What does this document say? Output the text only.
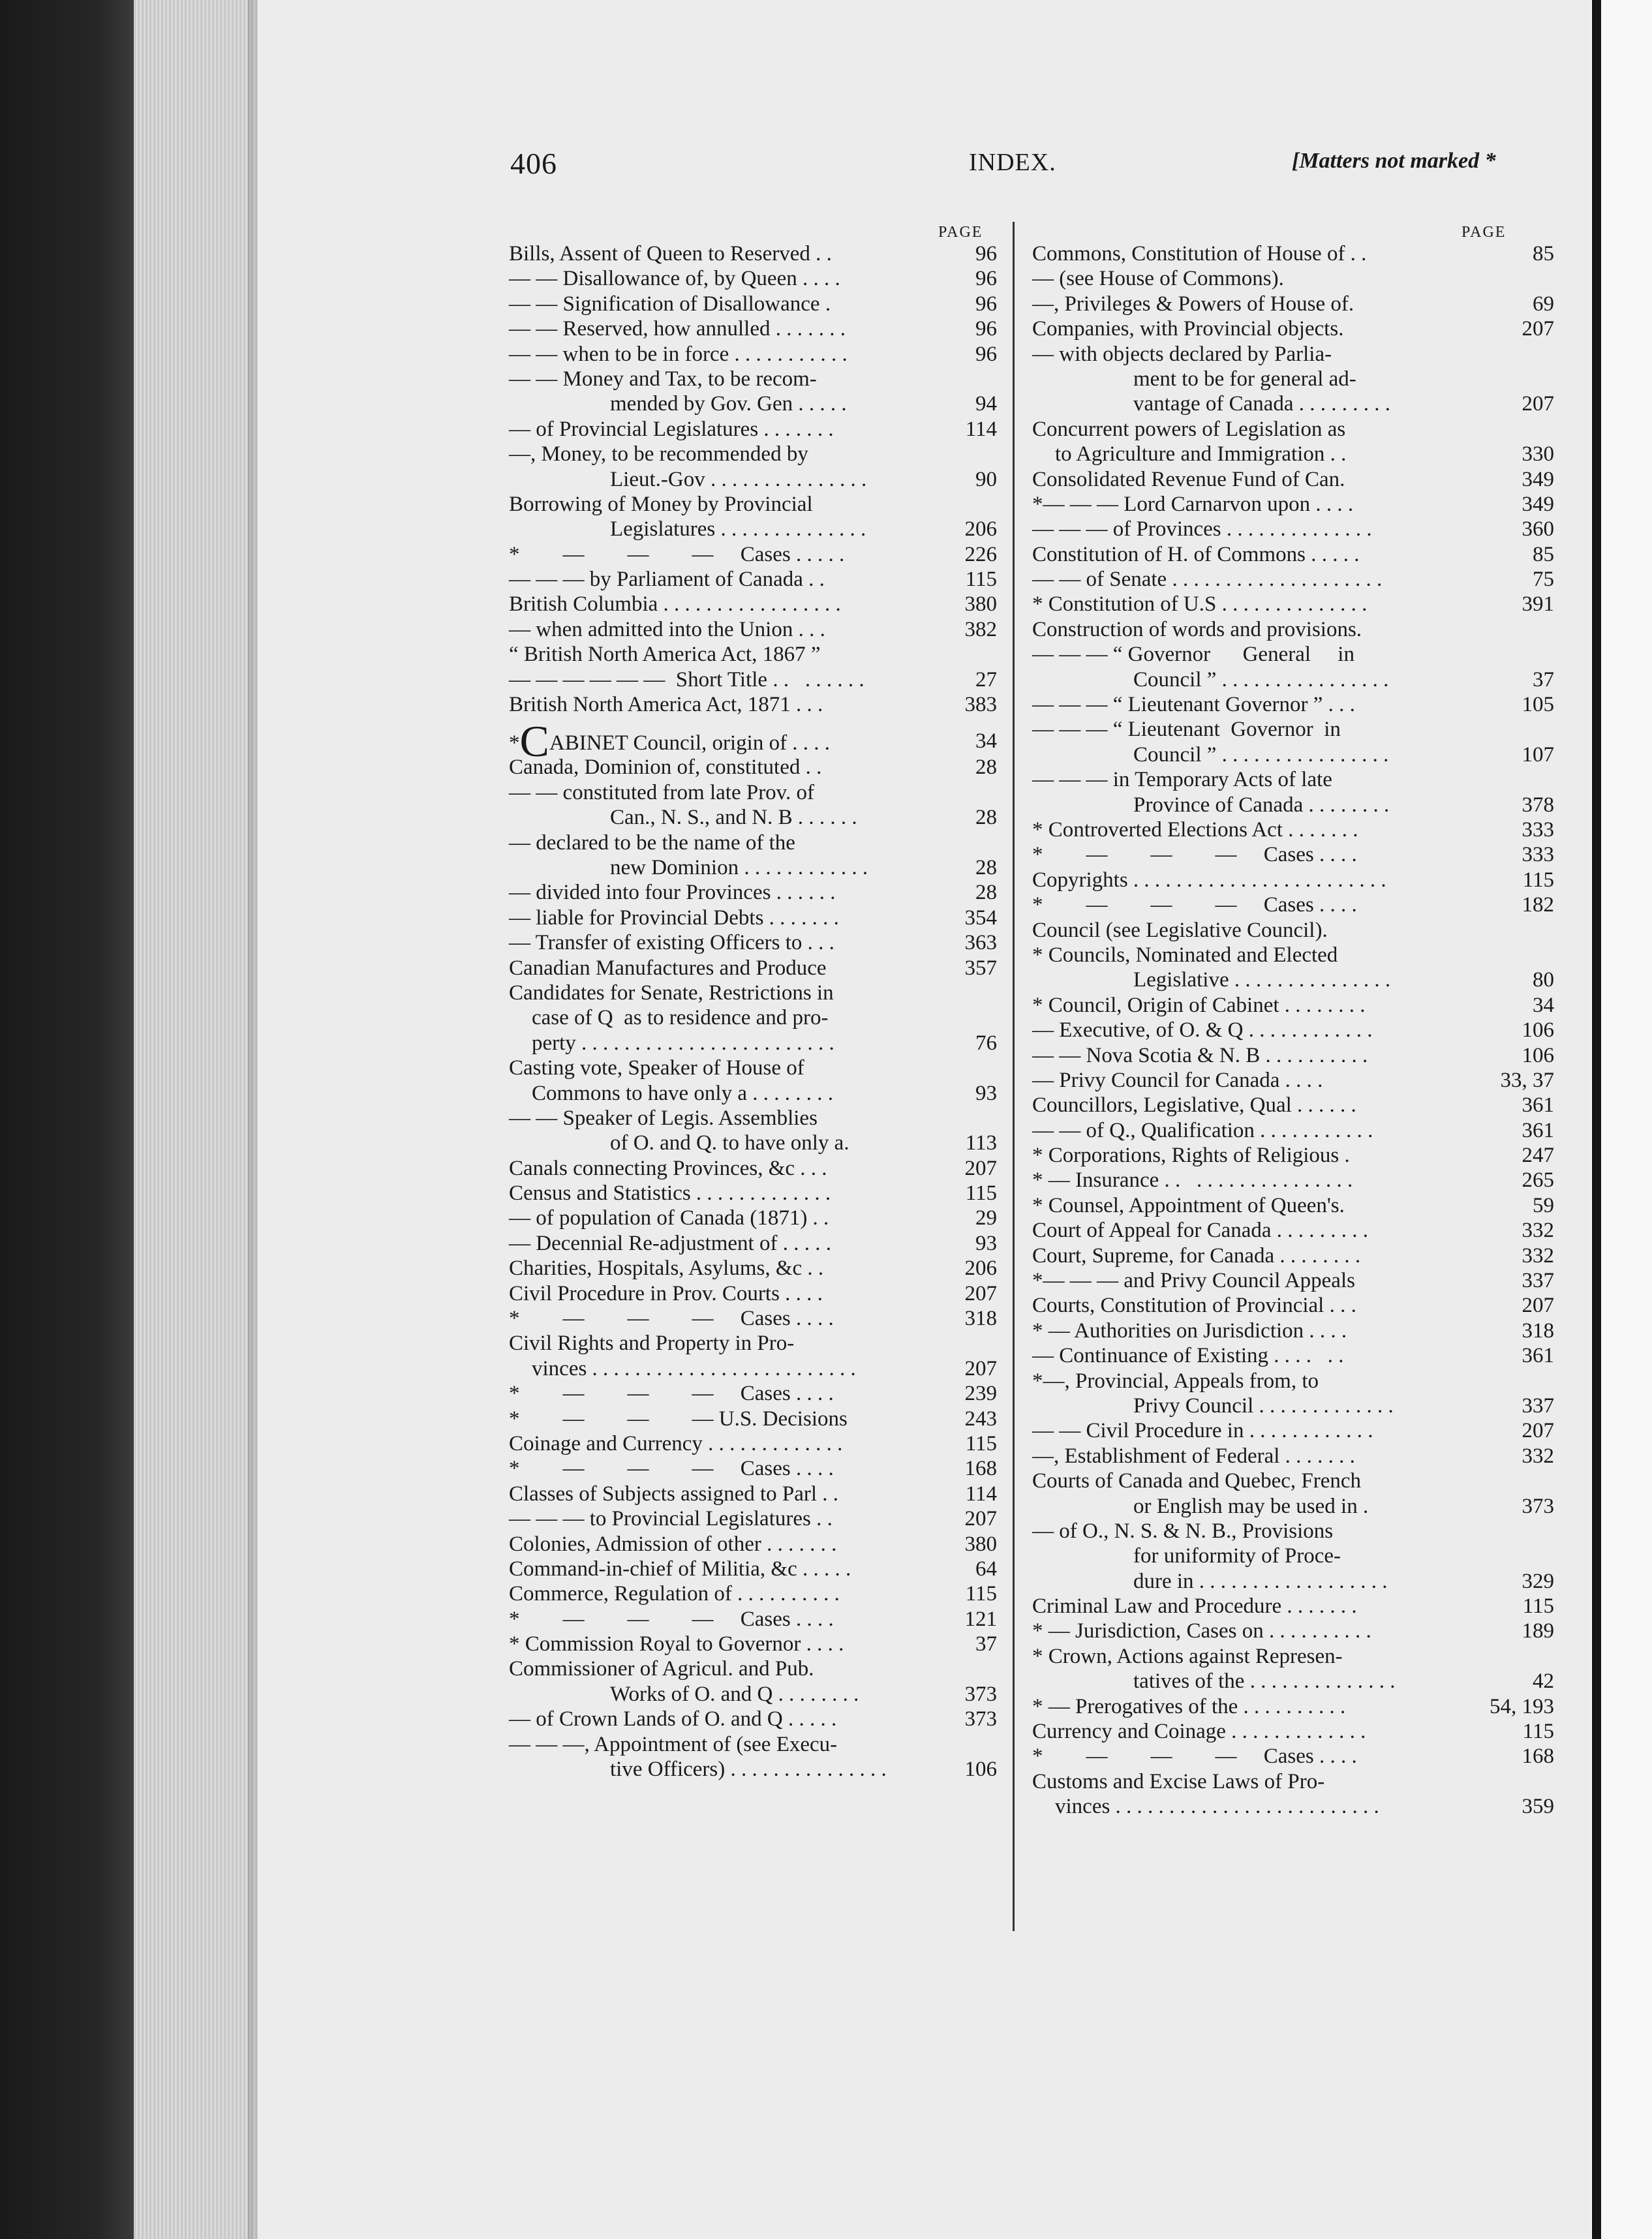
406	INDEX.	[Matters not marked *
PAGE	PAGE
Bills, Assent of Queen to Reserved . .	96
— — Disallowance of, by Queen . . . .	96
— — Signification of Disallowance .	96
— — Reserved, how annulled . . . . . . .	96
— — when to be in force . . . . . . . . . . .	96
— — Money and Tax, to be recom-
mended by Gov. Gen . . . . .	94
— of Provincial Legislatures . . . . . . .	114
—, Money, to be recommended by
Lieut.-Gov . . . . . . . . . . . . . . .	90
Borrowing of Money by Provincial
Legislatures . . . . . . . . . . . . . .	206
*        —        —        —     Cases . . . . .	226
— — — by Parliament of Canada . .	115
British Columbia . . . . . . . . . . . . . . . . .	380
— when admitted into the Union . . .	382
“ British North America Act, 1867 ”
— — — — — —  Short Title . .   . . . . . .	27
British North America Act, 1871 . . .	383
*CABINET Council, origin of . . . .	34
Canada, Dominion of, constituted . .	28
— — constituted from late Prov. of
Can., N. S., and N. B . . . . . .	28
— declared to be the name of the
new Dominion . . . . . . . . . . . .	28
— divided into four Provinces . . . . . .	28
— liable for Provincial Debts . . . . . . .	354
— Transfer of existing Officers to . . .	363
Canadian Manufactures and Produce	357
Candidates for Senate, Restrictions in
case of Q  as to residence and pro-
perty . . . . . . . . . . . . . . . . . . . . . . . .	76
Casting vote, Speaker of House of
Commons to have only a . . . . . . . .	93
— — Speaker of Legis. Assemblies
of O. and Q. to have only a.	113
Canals connecting Provinces, &c . . .	207
Census and Statistics . . . . . . . . . . . . .	115
— of population of Canada (1871) . .	29
— Decennial Re-adjustment of . . . . .	93
Charities, Hospitals, Asylums, &c . .	206
Civil Procedure in Prov. Courts . . . .	207
*        —        —        —     Cases . . . .	318
Civil Rights and Property in Pro-
vinces . . . . . . . . . . . . . . . . . . . . . . . . .	207
*        —        —        —     Cases . . . .	239
*        —        —        — U.S. Decisions	243
Coinage and Currency . . . . . . . . . . . . .	115
*        —        —        —     Cases . . . .	168
Classes of Subjects assigned to Parl . .	114
— — — to Provincial Legislatures . .	207
Colonies, Admission of other . . . . . . .	380
Command-in-chief of Militia, &c . . . . .	64
Commerce, Regulation of . . . . . . . . . .	115
*        —        —        —     Cases . . . .	121
* Commission Royal to Governor . . . .	37
Commissioner of Agricul. and Pub.
Works of O. and Q . . . . . . . .	373
— of Crown Lands of O. and Q . . . . .	373
— — —, Appointment of (see Execu-
tive Officers) . . . . . . . . . . . . . . .	106
Commons, Constitution of House of . .	85
— (see House of Commons).
—, Privileges & Powers of House of.	69
Companies, with Provincial objects.	207
— with objects declared by Parlia-
ment to be for general ad-
vantage of Canada . . . . . . . . .	207
Concurrent powers of Legislation as
to Agriculture and Immigration . .	330
Consolidated Revenue Fund of Can.	349
*— — — Lord Carnarvon upon . . . .	349
— — — of Provinces . . . . . . . . . . . . . .	360
Constitution of H. of Commons . . . . .	85
— — of Senate . . . . . . . . . . . . . . . . . . . .	75
* Constitution of U.S . . . . . . . . . . . . . .	391
Construction of words and provisions.
— — — “ Governor      General     in
Council ” . . . . . . . . . . . . . . . .	37
— — — “ Lieutenant Governor ” . . .	105
— — — “ Lieutenant  Governor  in
Council ” . . . . . . . . . . . . . . . .	107
— — — in Temporary Acts of late
Province of Canada . . . . . . . .	378
* Controverted Elections Act . . . . . . .	333
*        —        —        —     Cases . . . .	333
Copyrights . . . . . . . . . . . . . . . . . . . . . . . .	115
*        —        —        —     Cases . . . .	182
Council (see Legislative Council).
* Councils, Nominated and Elected
Legislative . . . . . . . . . . . . . . .	80
* Council, Origin of Cabinet . . . . . . . .	34
— Executive, of O. & Q . . . . . . . . . . . .	106
— — Nova Scotia & N. B . . . . . . . . . .	106
— Privy Council for Canada . . . .	33, 37
Councillors, Legislative, Qual . . . . . .	361
— — of Q., Qualification . . . . . . . . . . .	361
* Corporations, Rights of Religious .	247
* — Insurance . .   . . . . . . . . . . . . . . .	265
* Counsel, Appointment of Queen's.	59
Court of Appeal for Canada . . . . . . . . .	332
Court, Supreme, for Canada . . . . . . . .	332
*— — — and Privy Council Appeals	337
Courts, Constitution of Provincial . . .	207
* — Authorities on Jurisdiction . . . .	318
— Continuance of Existing . . . .   . .	361
*—, Provincial, Appeals from, to
Privy Council . . . . . . . . . . . . .	337
— — Civil Procedure in . . . . . . . . . . . .	207
—, Establishment of Federal . . . . . . .	332
Courts of Canada and Quebec, French
or English may be used in .	373
— of O., N. S. & N. B., Provisions
for uniformity of Proce-
dure in . . . . . . . . . . . . . . . . . .	329
Criminal Law and Procedure . . . . . . .	115
* — Jurisdiction, Cases on . . . . . . . . . .	189
* Crown, Actions against Represen-
tatives of the . . . . . . . . . . . . . .	42
* — Prerogatives of the . . . . . . . . . .	54, 193
Currency and Coinage . . . . . . . . . . . . .	115
*        —        —        —     Cases . . . .	168
Customs and Excise Laws of Pro-
vinces . . . . . . . . . . . . . . . . . . . . . . . . .	359
